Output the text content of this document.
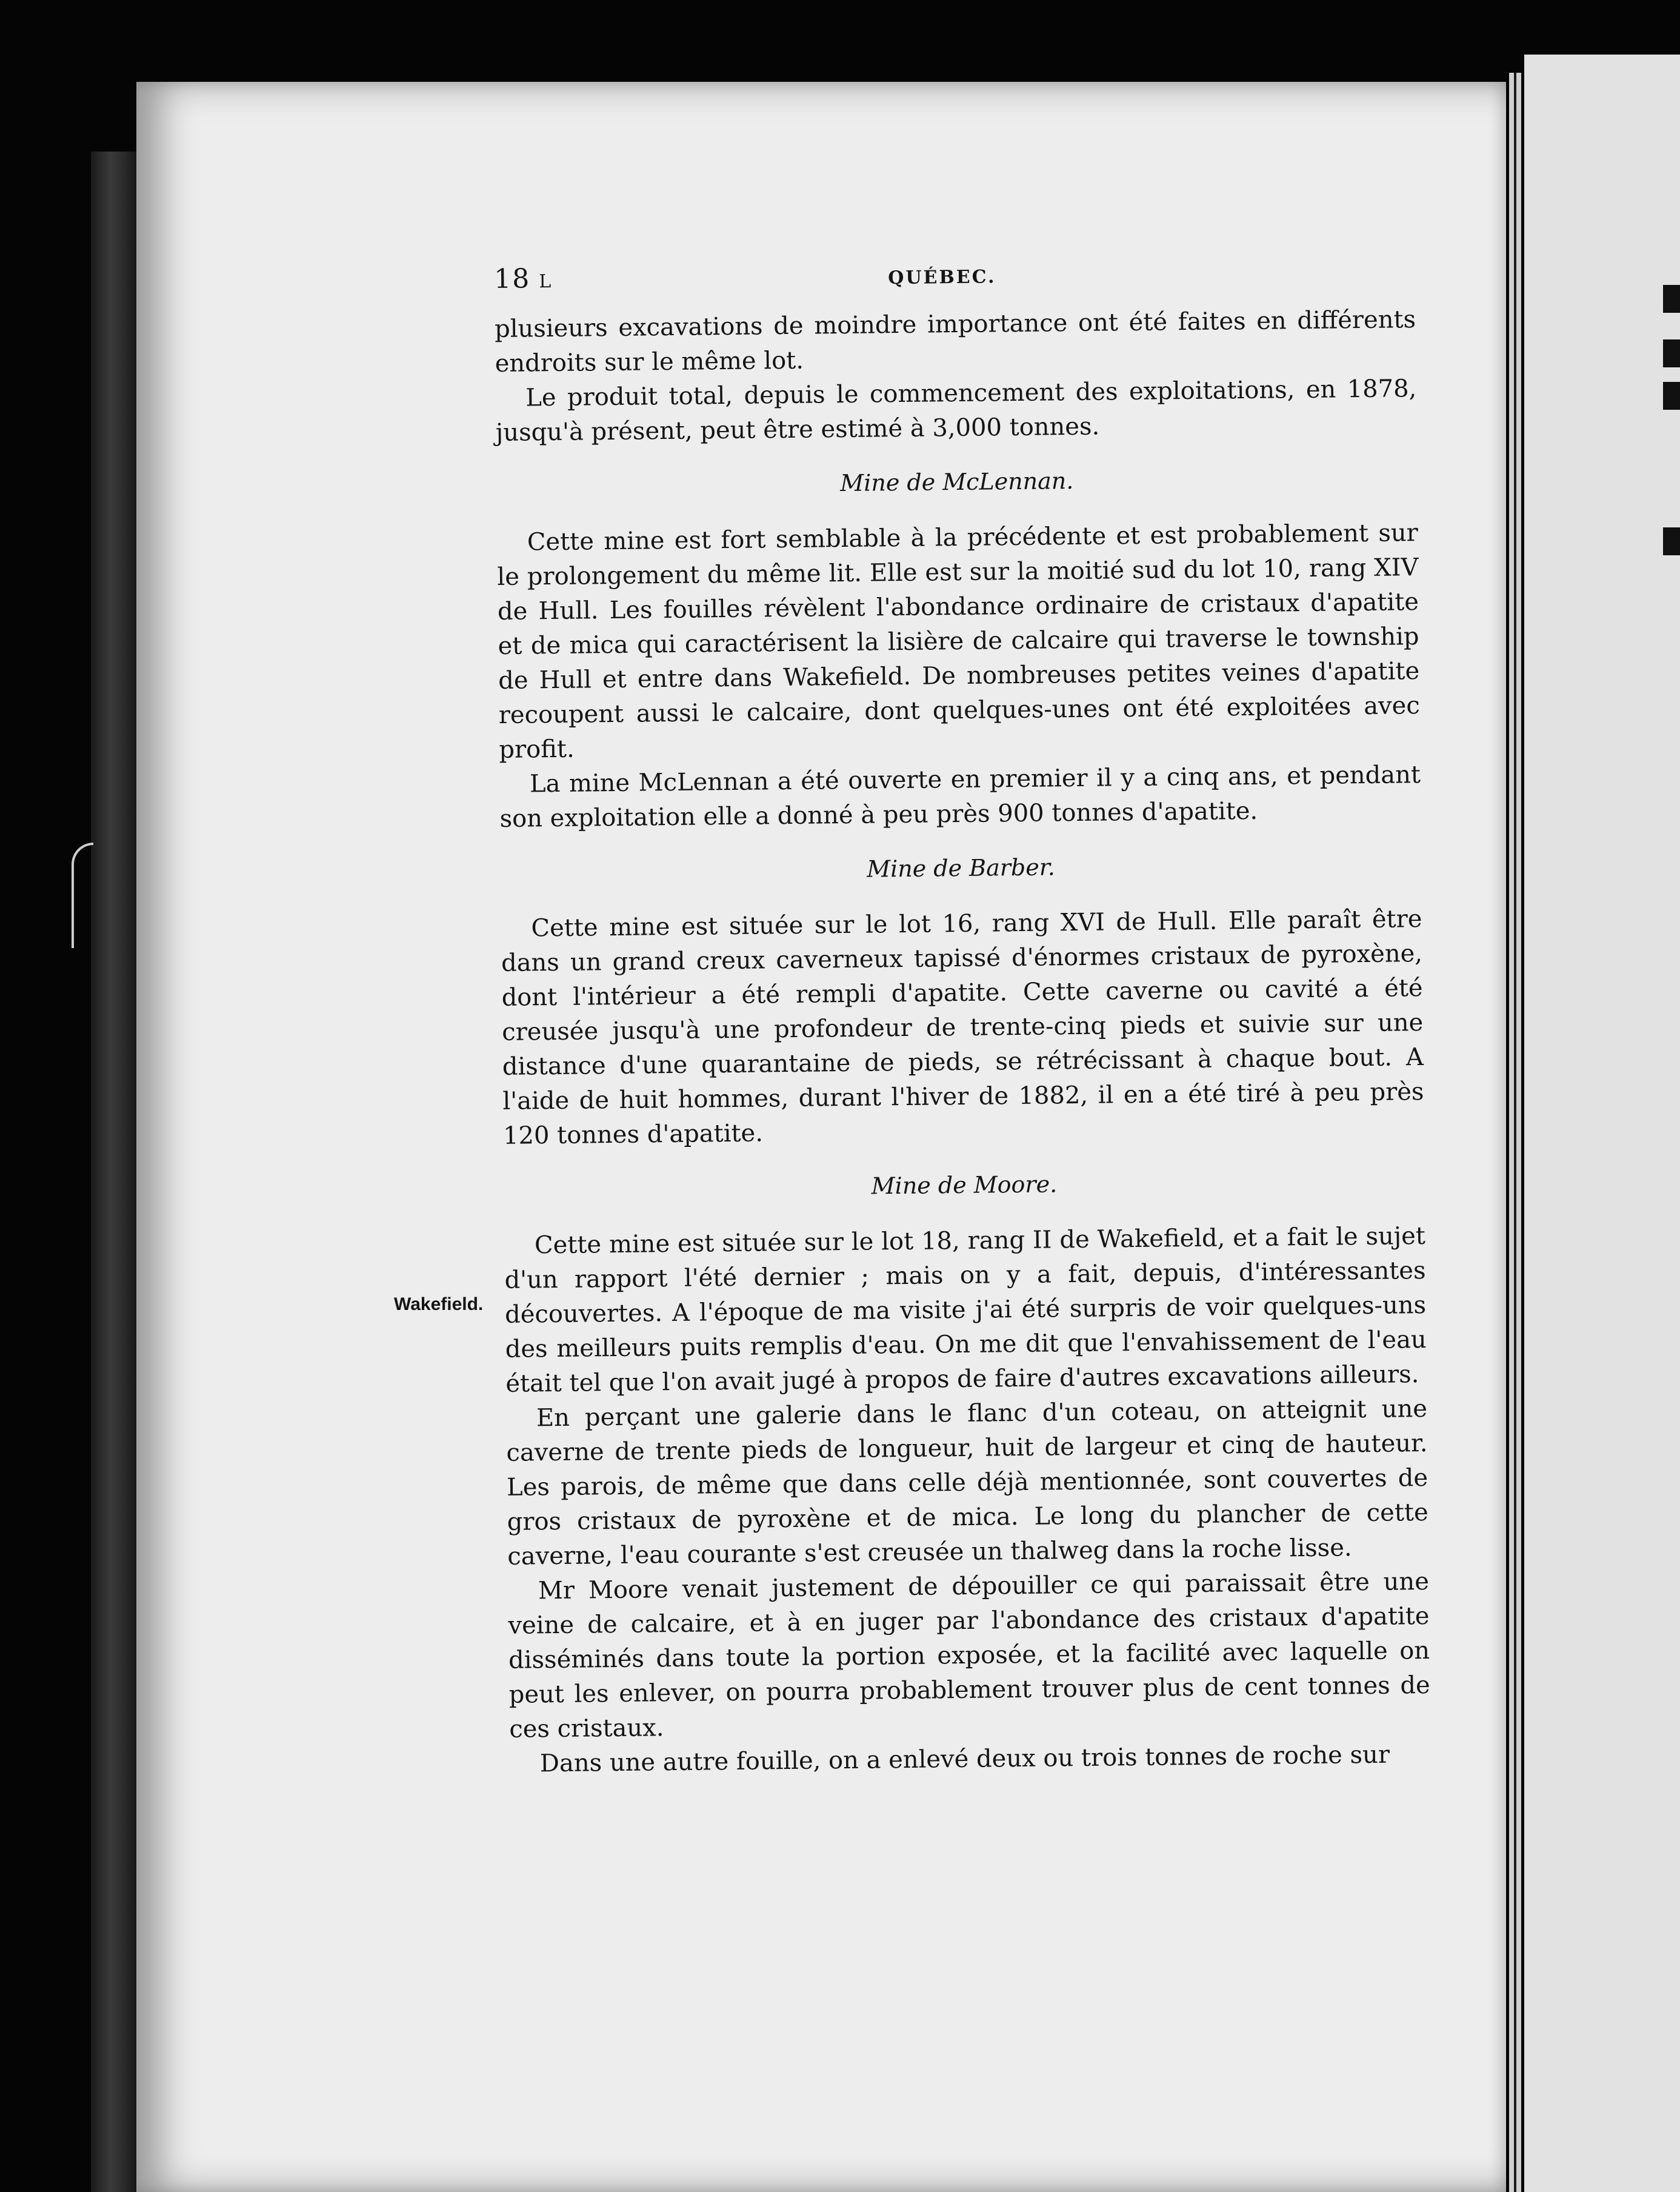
Wakefield.
18 L	QUÉBEC.

plusieurs excavations de moindre importance ont été faites en différents endroits sur le même lot.

Le produit total, depuis le commencement des exploitations, en 1878, jusqu'à présent, peut être estimé à 3,000 tonnes.

Mine de McLennan.

Cette mine est fort semblable à la précédente et est probablement sur le prolongement du même lit. Elle est sur la moitié sud du lot 10, rang XIV de Hull. Les fouilles révèlent l'abondance ordinaire de cristaux d'apatite et de mica qui caractérisent la lisière de calcaire qui traverse le township de Hull et entre dans Wakefield. De nombreuses petites veines d'apatite recoupent aussi le calcaire, dont quelques-unes ont été exploitées avec profit.

La mine McLennan a été ouverte en premier il y a cinq ans, et pendant son exploitation elle a donné à peu près 900 tonnes d'apatite.

Mine de Barber.

Cette mine est située sur le lot 16, rang XVI de Hull. Elle paraît être dans un grand creux caverneux tapissé d'énormes cristaux de pyroxène, dont l'intérieur a été rempli d'apatite. Cette caverne ou cavité a été creusée jusqu'à une profondeur de trente-cinq pieds et suivie sur une distance d'une quarantaine de pieds, se rétrécissant à chaque bout. A l'aide de huit hommes, durant l'hiver de 1882, il en a été tiré à peu près 120 tonnes d'apatite.

Mine de Moore.

Cette mine est située sur le lot 18, rang II de Wakefield, et a fait le sujet d'un rapport l'été dernier ; mais on y a fait, depuis, d'intéressantes découvertes. A l'époque de ma visite j'ai été surpris de voir quelques-uns des meilleurs puits remplis d'eau. On me dit que l'envahissement de l'eau était tel que l'on avait jugé à propos de faire d'autres excavations ailleurs.

En perçant une galerie dans le flanc d'un coteau, on atteignit une caverne de trente pieds de longueur, huit de largeur et cinq de hauteur. Les parois, de même que dans celle déjà mentionnée, sont couvertes de gros cristaux de pyroxène et de mica. Le long du plancher de cette caverne, l'eau courante s'est creusée un thalweg dans la roche lisse.

Mr Moore venait justement de dépouiller ce qui paraissait être une veine de calcaire, et à en juger par l'abondance des cristaux d'apatite disséminés dans toute la portion exposée, et la facilité avec laquelle on peut les enlever, on pourra probablement trouver plus de cent tonnes de ces cristaux.

Dans une autre fouille, on a enlevé deux ou trois tonnes de roche sur
